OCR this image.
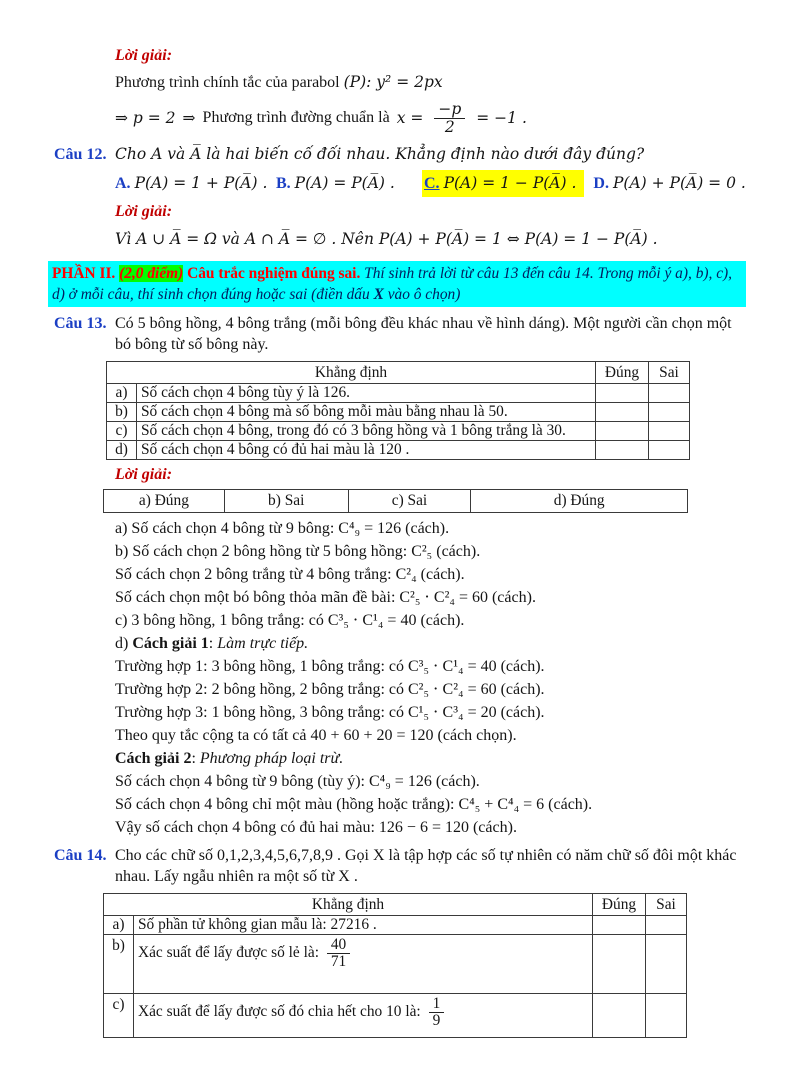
Lời giải:

Phương trình chính tắc của parabol (P): y² = 2px

⇒ p = 2 ⇒ Phương trình đường chuẩn là $x = \frac{-p}{2} = -1$ .
Câu 12. Cho A và A̅ là hai biến cố đối nhau. Khẳng định nào dưới đây đúng?
A. P(A) = 1 + P(A̅) . B. P(A) = P(A̅) .	C. P(A) = 1 − P(A̅) .	D. P(A) + P(A̅) = 0 .

Lời giải:

Vì A ∪ A̅ = Ω và A ∩ A̅ = ∅ . Nên P(A) + P(A̅) = 1 ⇔ P(A) = 1 − P(A̅) .

PHẦN II. (2,0 điểm) Câu trắc nghiệm đúng sai. Thí sinh trả lời từ câu 13 đến câu 14. Trong mỗi ý a), b), c),
d) ở mỗi câu, thí sinh chọn đúng hoặc sai (điền dấu X vào ô chọn)
Câu 13. Có 5 bông hồng, 4 bông trắng (mỗi bông đều khác nhau về hình dáng). Một người cần chọn một bó bông từ số bông này.
Khẳng định		Đúng	Sai
a)	Số cách chọn 4 bông tùy ý là 126.		
b)	Số cách chọn 4 bông mà số bông mỗi màu bằng nhau là 50.		
c)	Số cách chọn 4 bông, trong đó có 3 bông hồng và 1 bông trắng là 30.		
d)	Số cách chọn 4 bông có đủ hai màu là 120 .		

Lời giải:

a) Đúng	b) Sai	c) Sai	d) Đúng

a) Số cách chọn 4 bông từ 9 bông: C⁴₉ = 126 (cách).

b) Số cách chọn 2 bông hồng từ 5 bông hồng: C²₅ (cách).

Số cách chọn 2 bông trắng từ 4 bông trắng: C²₄ (cách).

Số cách chọn một bó bông thỏa mãn đề bài: C²₅ ⋅ C²₄ = 60 (cách).

c) 3 bông hồng, 1 bông trắng: có C³₅ ⋅ C¹₄ = 40 (cách).

d) Cách giải 1: Làm trực tiếp.

Trường hợp 1: 3 bông hồng, 1 bông trắng: có C³₅ ⋅ C¹₄ = 40 (cách).

Trường hợp 2: 2 bông hồng, 2 bông trắng: có C²₅ ⋅ C²₄ = 60 (cách).

Trường hợp 3: 1 bông hồng, 3 bông trắng: có C¹₅ ⋅ C³₄ = 20 (cách).

Theo quy tắc cộng ta có tất cả 40 + 60 + 20 = 120 (cách chọn).

Cách giải 2: Phương pháp loại trừ.

Số cách chọn 4 bông từ 9 bông (tùy ý): C⁴₉ = 126 (cách).

Số cách chọn 4 bông chỉ một màu (hồng hoặc trắng): C⁴₅ + C⁴₄ = 6 (cách).

Vậy số cách chọn 4 bông có đủ hai màu: 126 − 6 = 120 (cách).

Câu 14. Cho các chữ số 0,1,2,3,4,5,6,7,8,9 . Gọi X là tập hợp các số tự nhiên có năm chữ số đôi một khác nhau. Lấy ngẫu nhiên ra một số từ X .
Khẳng định		Đúng	Sai
a)	Số phần tử không gian mẫu là: 27216 .		
b)	Xác suất để lấy được số lẻ là: $\frac{40}{71}$

c)	Xác suất để lấy được số đó chia hết cho 10 là: $\frac{1}{9}$
